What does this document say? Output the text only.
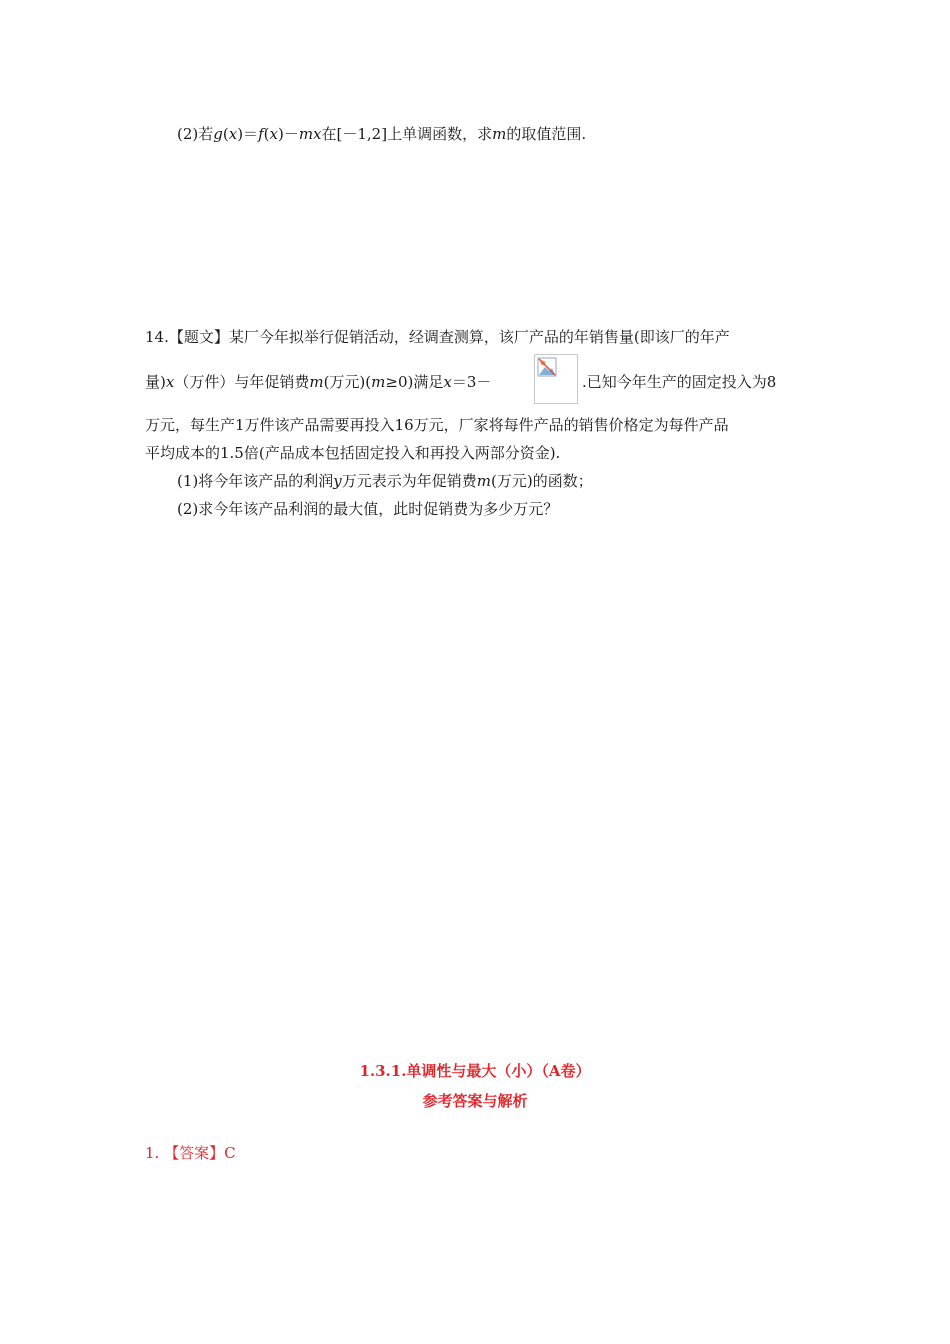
(2)若g(x)＝f(x)－mx在[－1,2]上单调函数，求m的取值范围.
14.【题文】某厂今年拟举行促销活动，经调查测算，该厂产品的年销售量(即该厂的年产
量)x（万件）与年促销费m(万元)(m≥0)满足x＝3－	.已知今年生产的固定投入为8
万元，每生产1万件该产品需要再投入16万元，厂家将每件产品的销售价格定为每件产品
平均成本的1.5倍(产品成本包括固定投入和再投入两部分资金).
(1)将今年该产品的利润y万元表示为年促销费m(万元)的函数；
(2)求今年该产品利润的最大值，此时促销费为多少万元？
1.3.1.单调性与最大（小）（A卷）
参考答案与解析
1. 【答案】C
